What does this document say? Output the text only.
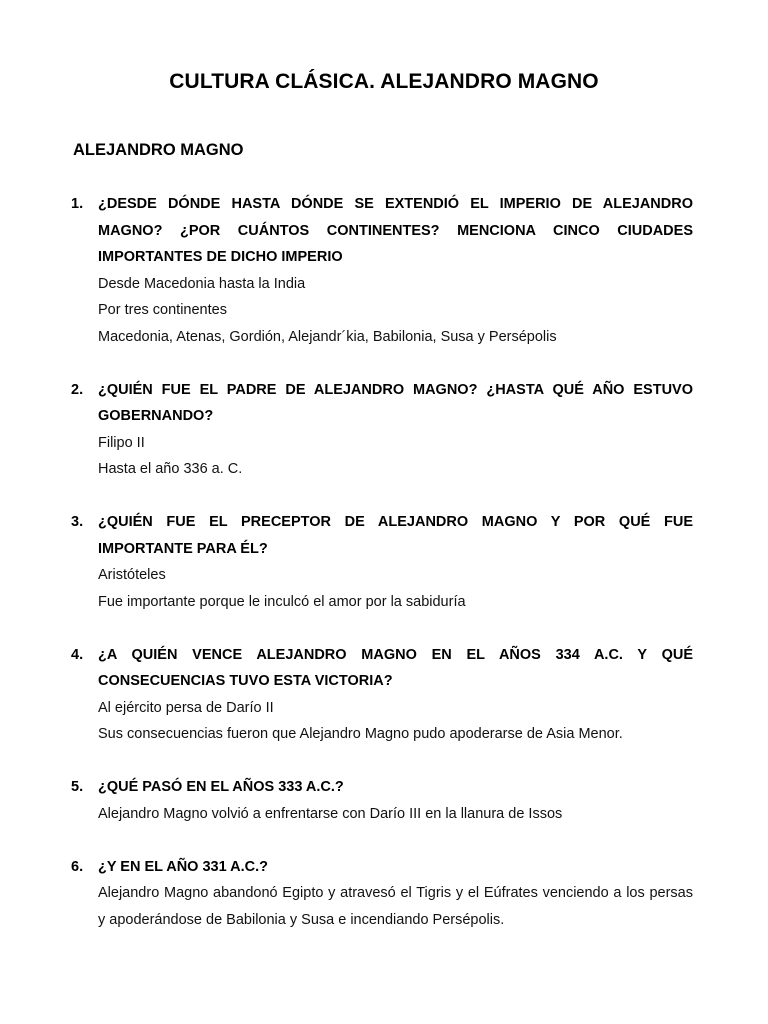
CULTURA CLÁSICA. ALEJANDRO MAGNO
ALEJANDRO MAGNO
1. ¿DESDE DÓNDE HASTA DÓNDE SE EXTENDIÓ EL IMPERIO DE ALEJANDRO MAGNO? ¿POR CUÁNTOS CONTINENTES? MENCIONA CINCO CIUDADES IMPORTANTES DE DICHO IMPERIO
Desde Macedonia hasta la India
Por tres continentes
Macedonia, Atenas, Gordión, Alejandr´kia, Babilonia, Susa y Persépolis
2. ¿QUIÉN FUE EL PADRE DE ALEJANDRO MAGNO? ¿HASTA QUÉ AÑO ESTUVO GOBERNANDO?
Filipo II
Hasta el año 336 a. C.
3. ¿QUIÉN FUE EL PRECEPTOR DE ALEJANDRO MAGNO Y POR QUÉ FUE IMPORTANTE PARA ÉL?
Aristóteles
Fue importante porque le inculcó el amor por la sabiduría
4. ¿A QUIÉN VENCE ALEJANDRO MAGNO EN EL AÑOS 334 A.C. Y QUÉ CONSECUENCIAS TUVO ESTA VICTORIA?
Al ejército persa de Darío II
Sus consecuencias fueron que Alejandro Magno pudo apoderarse de Asia Menor.
5. ¿QUÉ PASÓ EN EL AÑOS 333 A.C.?
Alejandro Magno volvió a enfrentarse con Darío III en la llanura de Issos
6. ¿Y EN EL AÑO 331 A.C.?
Alejandro Magno abandonó Egipto y atravesó el Tigris y el Eúfrates venciendo a los persas y apoderándose de Babilonia y Susa e incendiando Persépolis.
